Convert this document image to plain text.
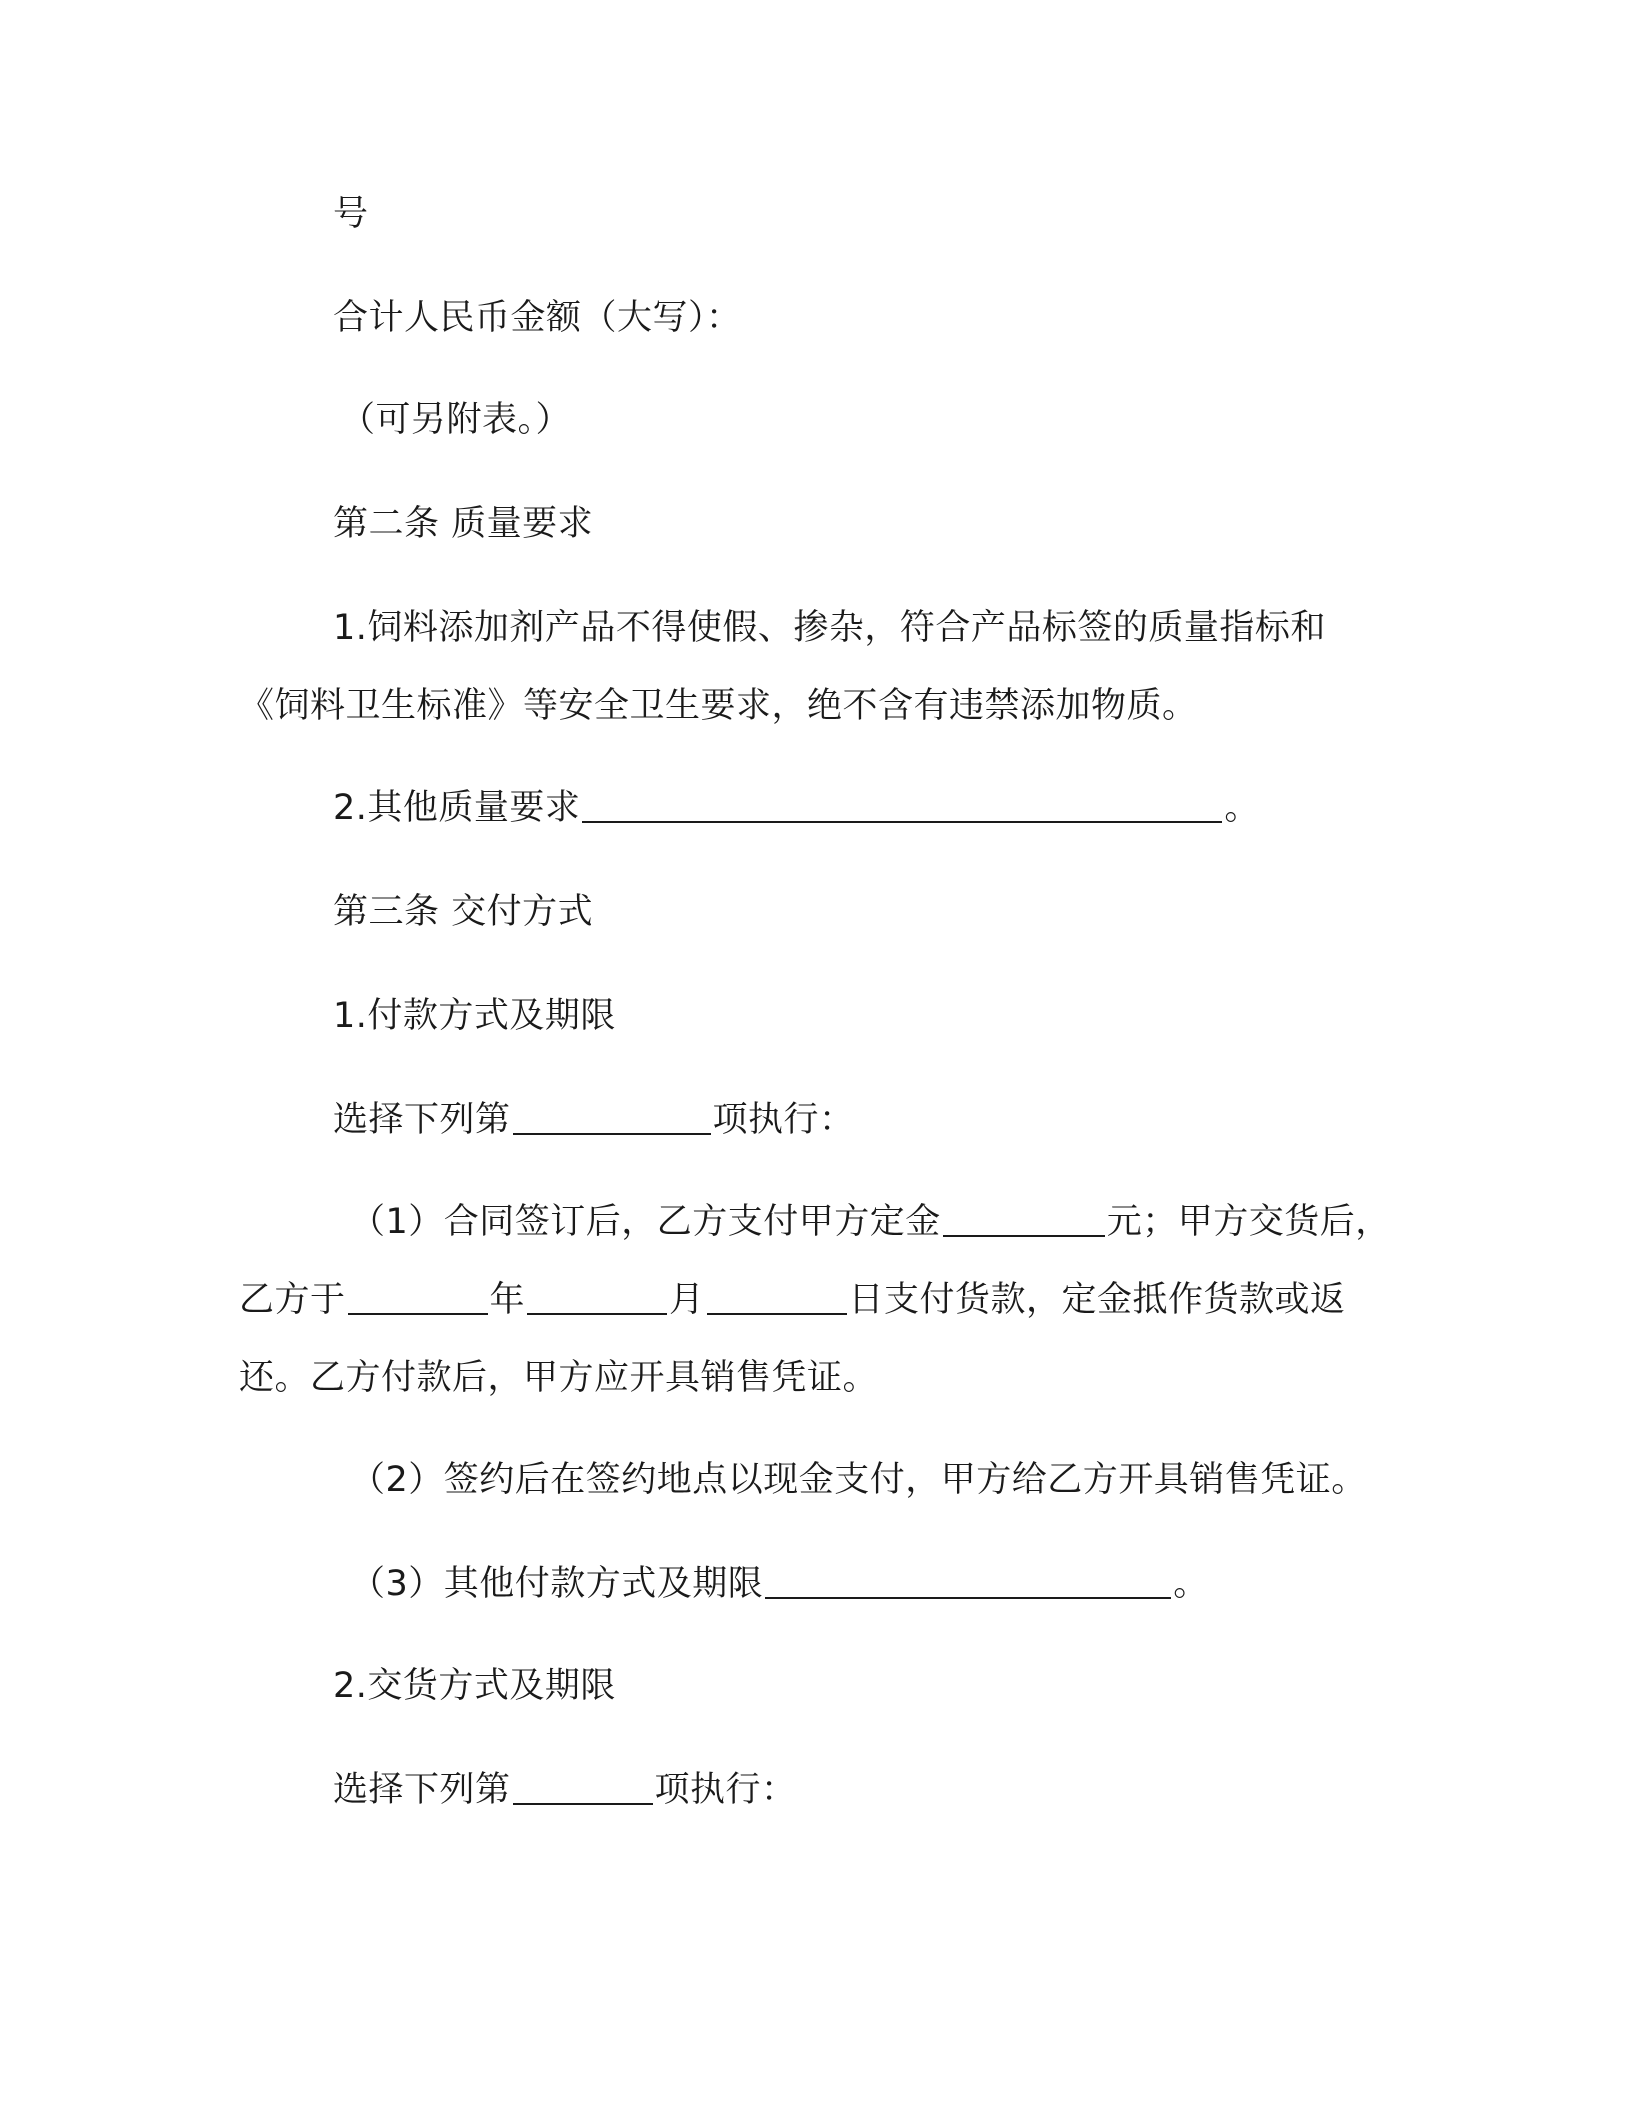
号
合计人民币金额（大写）：
（可另附表。）
第二条 质量要求
1.饲料添加剂产品不得使假、掺杂，符合产品标签的质量指标和
《饲料卫生标准》等安全卫生要求，绝不含有违禁添加物质。
2.其他质量要求	。
第三条 交付方式
1.付款方式及期限
选择下列第	项执行：
（1）合同签订后，乙方支付甲方定金	元；甲方交货后，
乙方于	年	月	日支付货款，定金抵作货款或返
还。乙方付款后，甲方应开具销售凭证。
（2）签约后在签约地点以现金支付，甲方给乙方开具销售凭证。
（3）其他付款方式及期限	。
2.交货方式及期限
选择下列第	项执行：
